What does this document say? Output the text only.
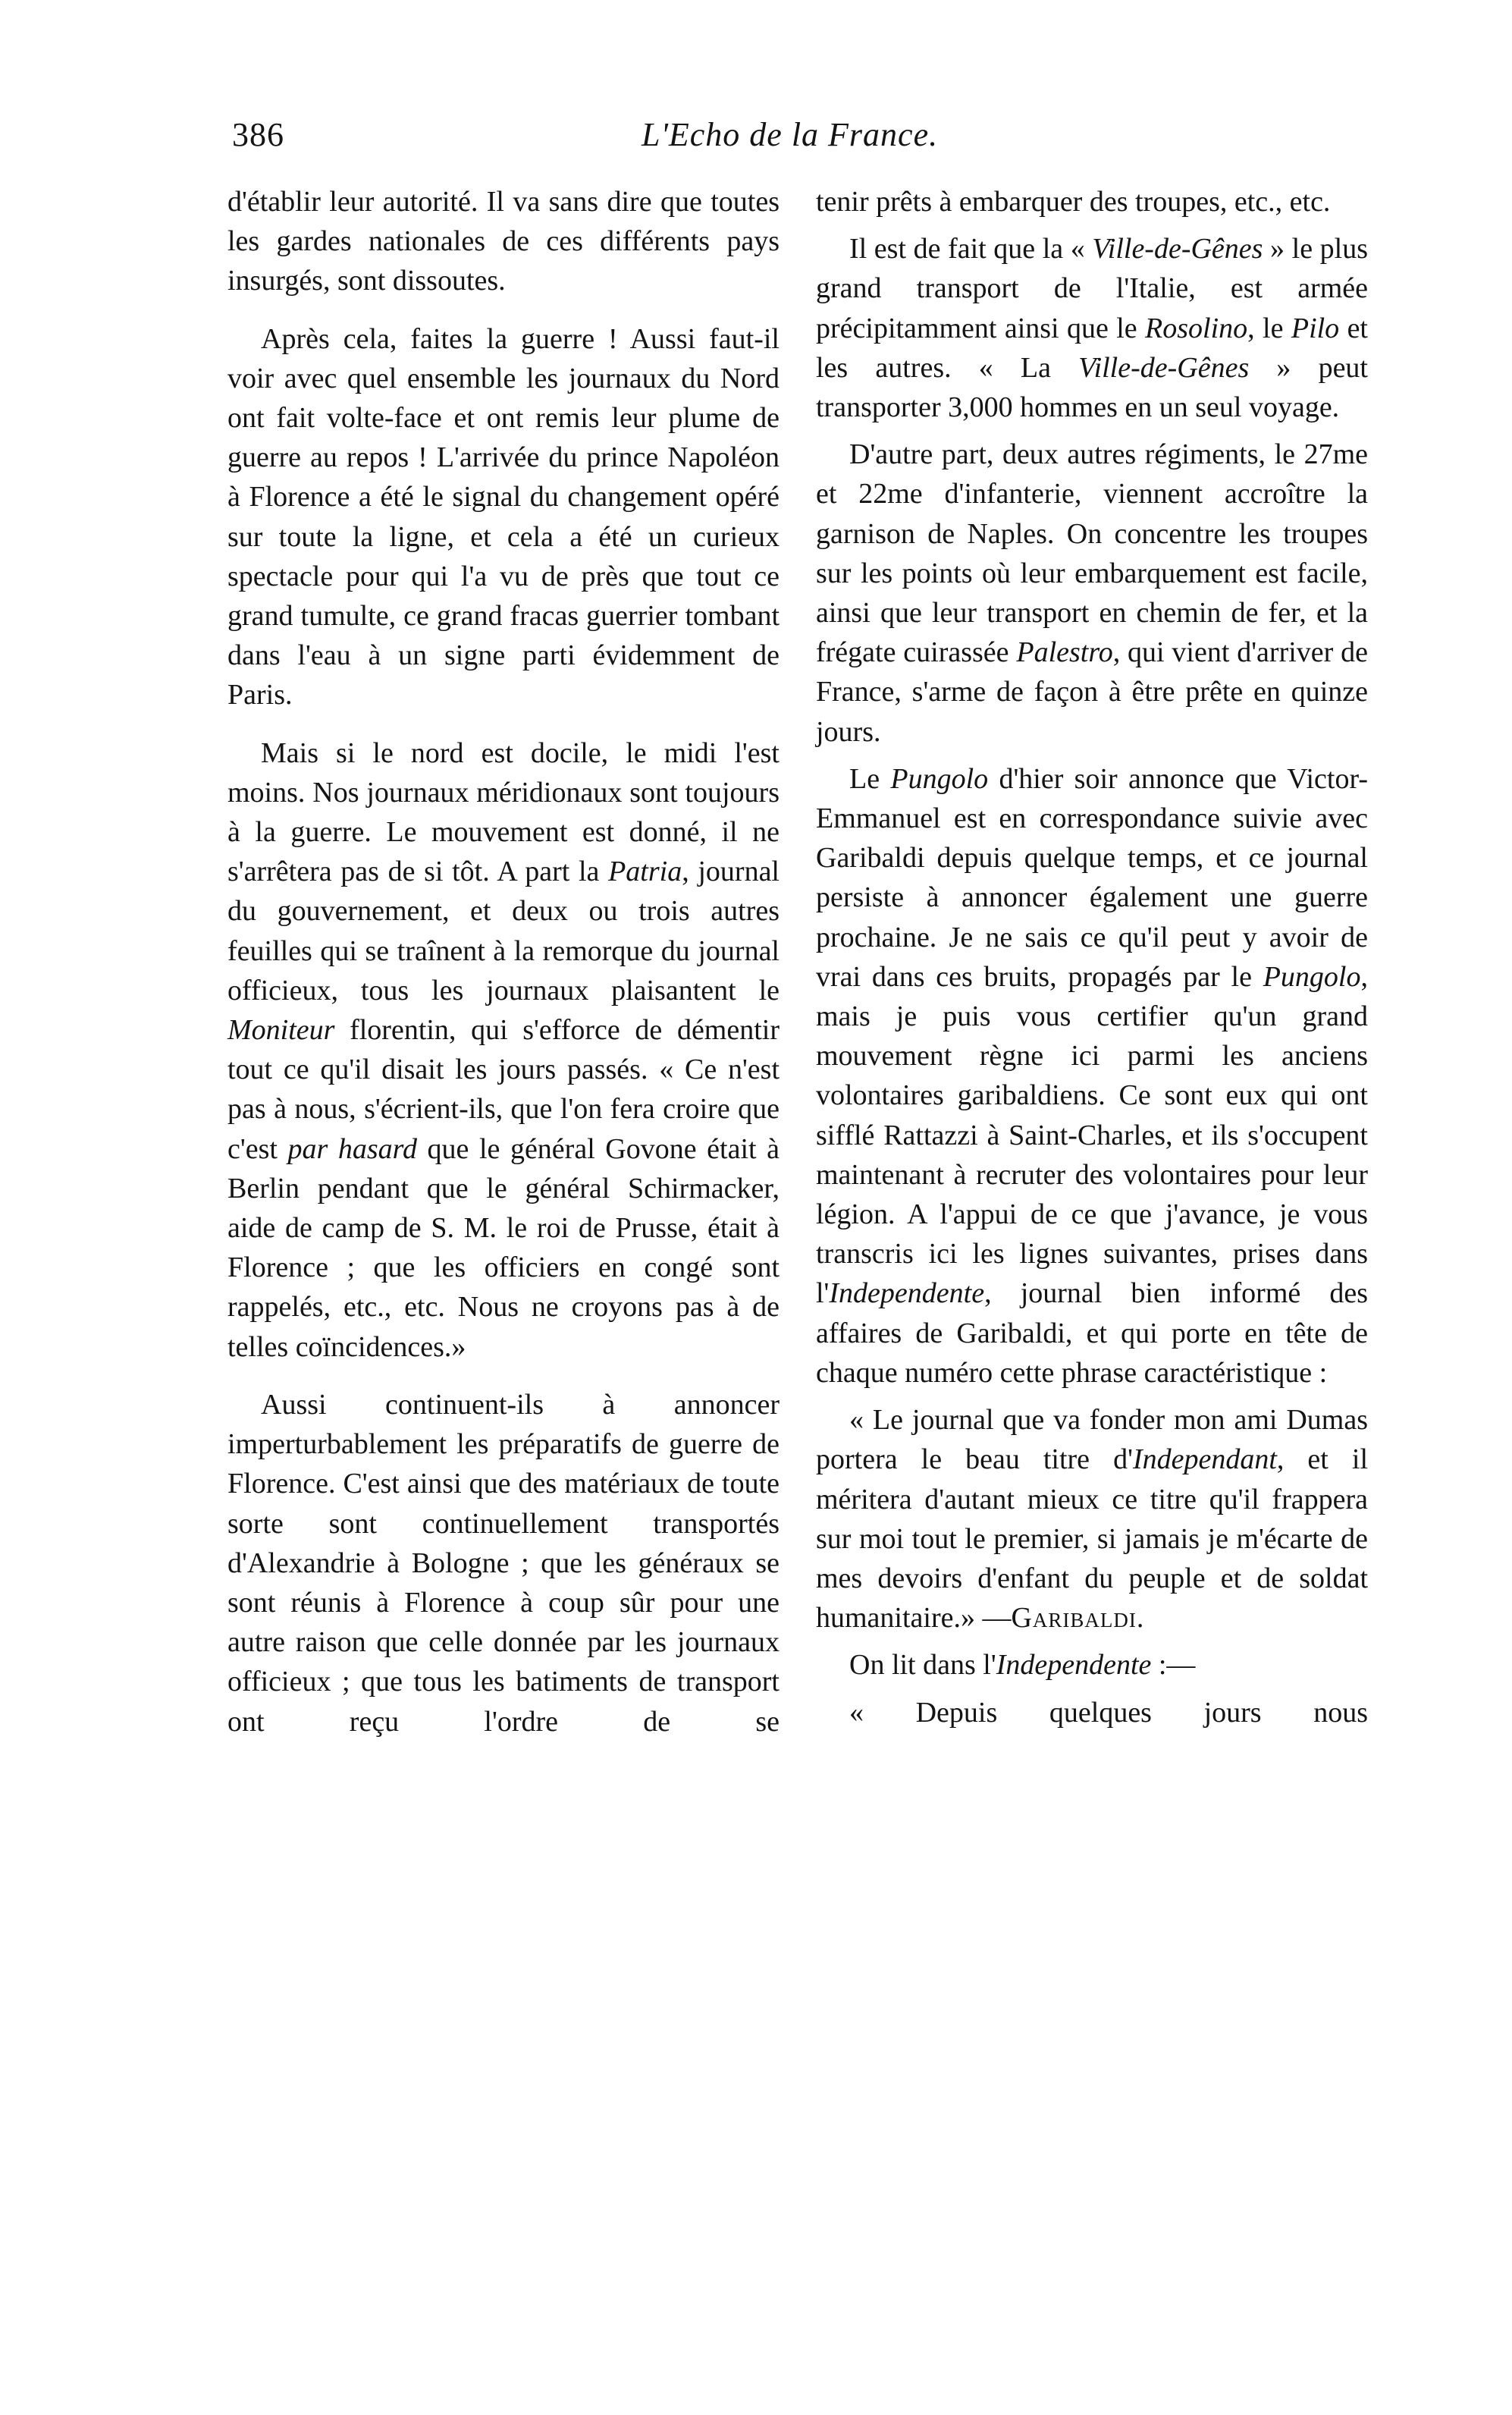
386	L'Echo de la France.

d'établir leur autorité. Il va sans dire que toutes les gardes nationales de ces différents pays insurgés, sont dissoutes.

Après cela, faites la guerre ! Aussi faut-il voir avec quel ensemble les journaux du Nord ont fait volte-face et ont remis leur plume de guerre au repos ! L'arrivée du prince Napoléon à Florence a été le signal du changement opéré sur toute la ligne, et cela a été un curieux spectacle pour qui l'a vu de près que tout ce grand tumulte, ce grand fracas guerrier tombant dans l'eau à un signe parti évidemment de Paris.

Mais si le nord est docile, le midi l'est moins. Nos journaux méridionaux sont toujours à la guerre. Le mouvement est donné, il ne s'arrêtera pas de si tôt. A part la Patria, journal du gouvernement, et deux ou trois autres feuilles qui se traînent à la remorque du journal officieux, tous les journaux plaisantent le Moniteur florentin, qui s'efforce de démentir tout ce qu'il disait les jours passés. « Ce n'est pas à nous, s'écrient-ils, que l'on fera croire que c'est par hasard que le général Govone était à Berlin pendant que le général Schirmacker, aide de camp de S. M. le roi de Prusse, était à Florence ; que les officiers en congé sont rappelés, etc., etc. Nous ne croyons pas à de telles coïncidences.»

Aussi continuent-ils à annoncer imperturbablement les préparatifs de guerre de Florence. C'est ainsi que des matériaux de toute sorte sont continuellement transportés d'Alexandrie à Bologne ; que les généraux se sont réunis à Florence à coup sûr pour une autre raison que celle donnée par les journaux officieux ; que tous les batiments de transport ont reçu l'ordre de se

tenir prêts à embarquer des troupes, etc., etc.

Il est de fait que la « Ville-de-Gênes » le plus grand transport de l'Italie, est armée précipitamment ainsi que le Rosolino, le Pilo et les autres. « La Ville-de-Gênes » peut transporter 3,000 hommes en un seul voyage.

D'autre part, deux autres régiments, le 27me et 22me d'infanterie, viennent accroître la garnison de Naples. On concentre les troupes sur les points où leur embarquement est facile, ainsi que leur transport en chemin de fer, et la frégate cuirassée Palestro, qui vient d'arriver de France, s'arme de façon à être prête en quinze jours.

Le Pungolo d'hier soir annonce que Victor-Emmanuel est en correspondance suivie avec Garibaldi depuis quelque temps, et ce journal persiste à annoncer également une guerre prochaine. Je ne sais ce qu'il peut y avoir de vrai dans ces bruits, propagés par le Pungolo, mais je puis vous certifier qu'un grand mouvement règne ici parmi les anciens volontaires garibaldiens. Ce sont eux qui ont sifflé Rattazzi à Saint-Charles, et ils s'occupent maintenant à recruter des volontaires pour leur légion. A l'appui de ce que j'avance, je vous transcris ici les lignes suivantes, prises dans l'Independente, journal bien informé des affaires de Garibaldi, et qui porte en tête de chaque numéro cette phrase caractéristique :

« Le journal que va fonder mon ami Dumas portera le beau titre d'Independant, et il méritera d'autant mieux ce titre qu'il frappera sur moi tout le premier, si jamais je m'écarte de mes devoirs d'enfant du peuple et de soldat humanitaire.» —Garibaldi.

On lit dans l'Independente :—

« Depuis quelques jours nous
